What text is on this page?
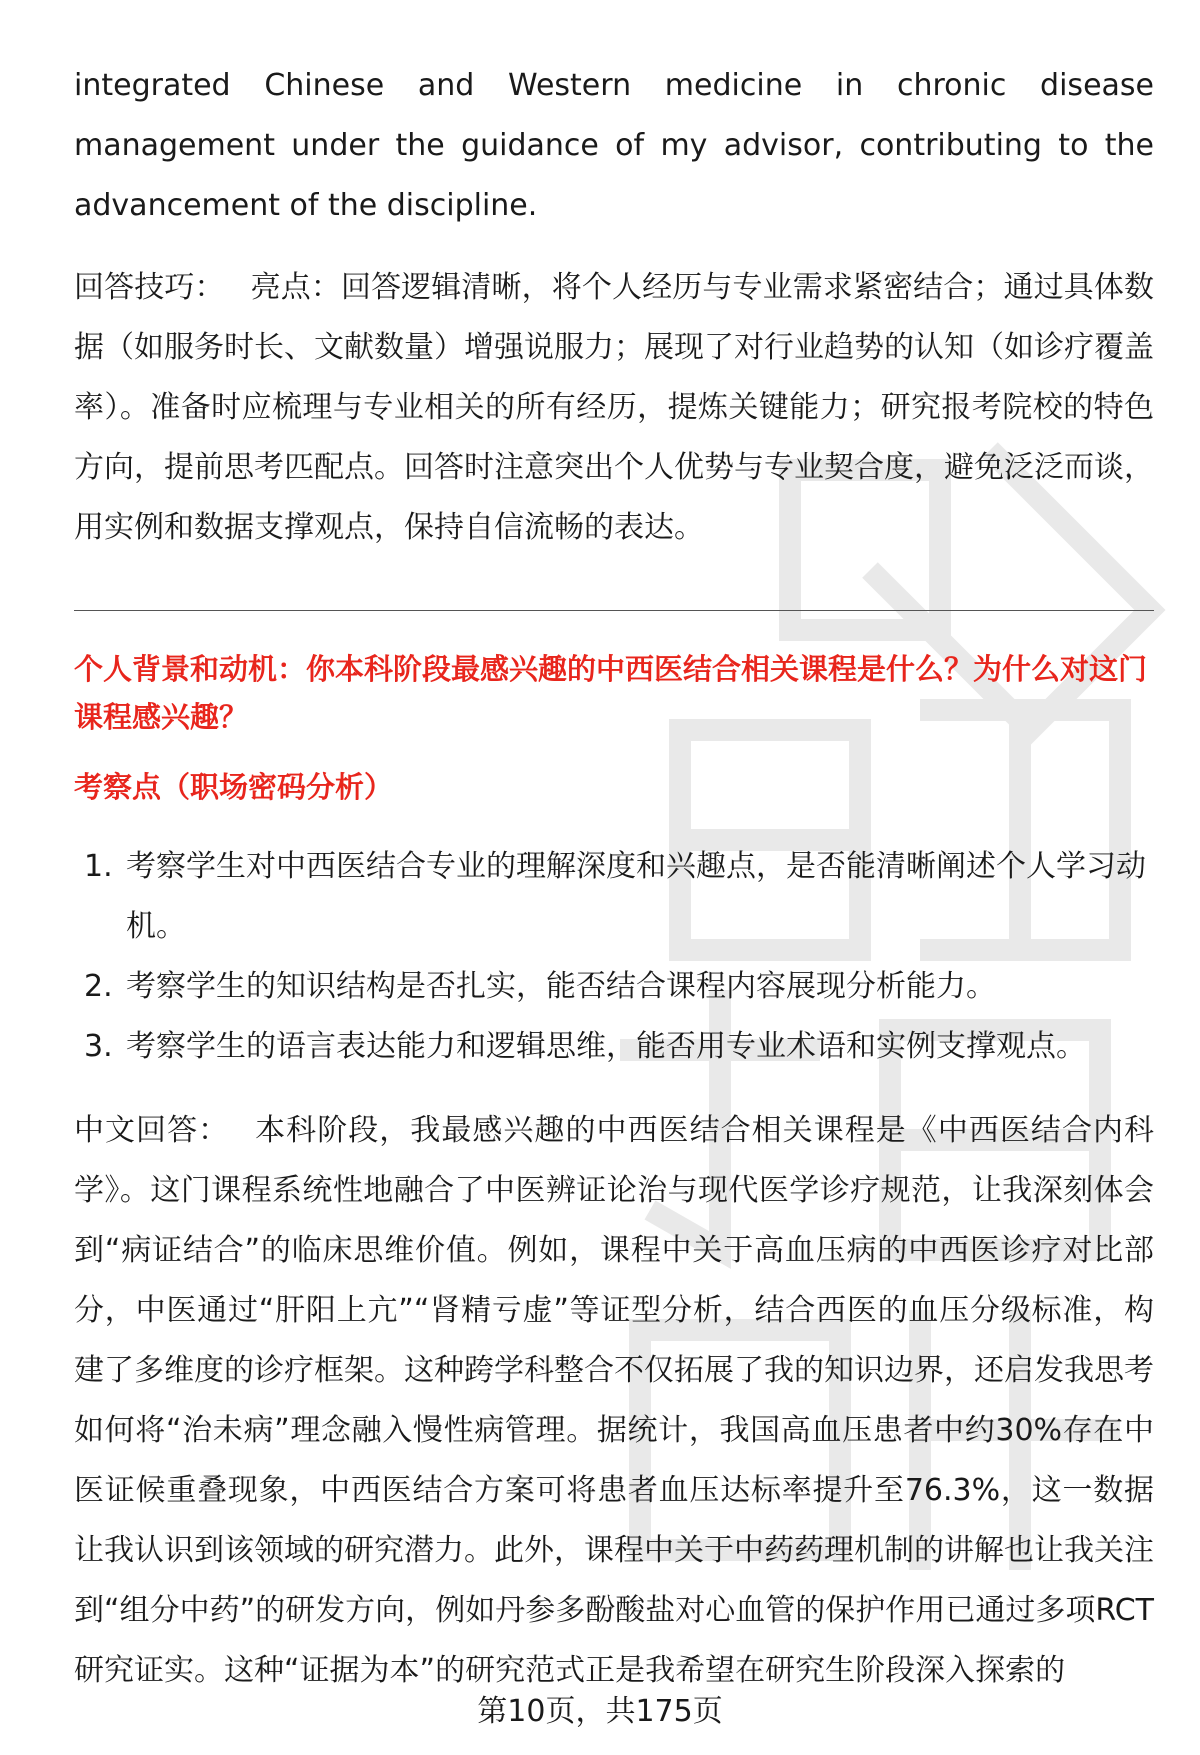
integrated Chinese and Western medicine in chronic disease management under the guidance of my advisor, contributing to the advancement of the discipline.

回答技巧： 亮点：回答逻辑清晰，将个人经历与专业需求紧密结合；通过具体数据（如服务时长、文献数量）增强说服力；展现了对行业趋势的认知（如诊疗覆盖率）。准备时应梳理与专业相关的所有经历，提炼关键能力；研究报考院校的特色方向，提前思考匹配点。回答时注意突出个人优势与专业契合度，避免泛泛而谈，用实例和数据支撑观点，保持自信流畅的表达。

个人背景和动机：你本科阶段最感兴趣的中西医结合相关课程是什么？为什么对这门课程感兴趣？

考察点（职场密码分析）

1. 考察学生对中西医结合专业的理解深度和兴趣点，是否能清晰阐述个人学习动机。
2. 考察学生的知识结构是否扎实，能否结合课程内容展现分析能力。
3. 考察学生的语言表达能力和逻辑思维，能否用专业术语和实例支撑观点。

中文回答： 本科阶段，我最感兴趣的中西医结合相关课程是《中西医结合内科学》。这门课程系统性地融合了中医辨证论治与现代医学诊疗规范，让我深刻体会到“病证结合”的临床思维价值。例如，课程中关于高血压病的中西医诊疗对比部分，中医通过“肝阳上亢”“肾精亏虚”等证型分析，结合西医的血压分级标准，构建了多维度的诊疗框架。这种跨学科整合不仅拓展了我的知识边界，还启发我思考如何将“治未病”理念融入慢性病管理。据统计，我国高血压患者中约30%存在中医证候重叠现象，中西医结合方案可将患者血压达标率提升至76.3%，这一数据让我认识到该领域的研究潜力。此外，课程中关于中药药理机制的讲解也让我关注到“组分中药”的研发方向，例如丹参多酚酸盐对心血管的保护作用已通过多项RCT研究证实。这种“证据为本”的研究范式正是我希望在研究生阶段深入探索的

第10页，共175页
